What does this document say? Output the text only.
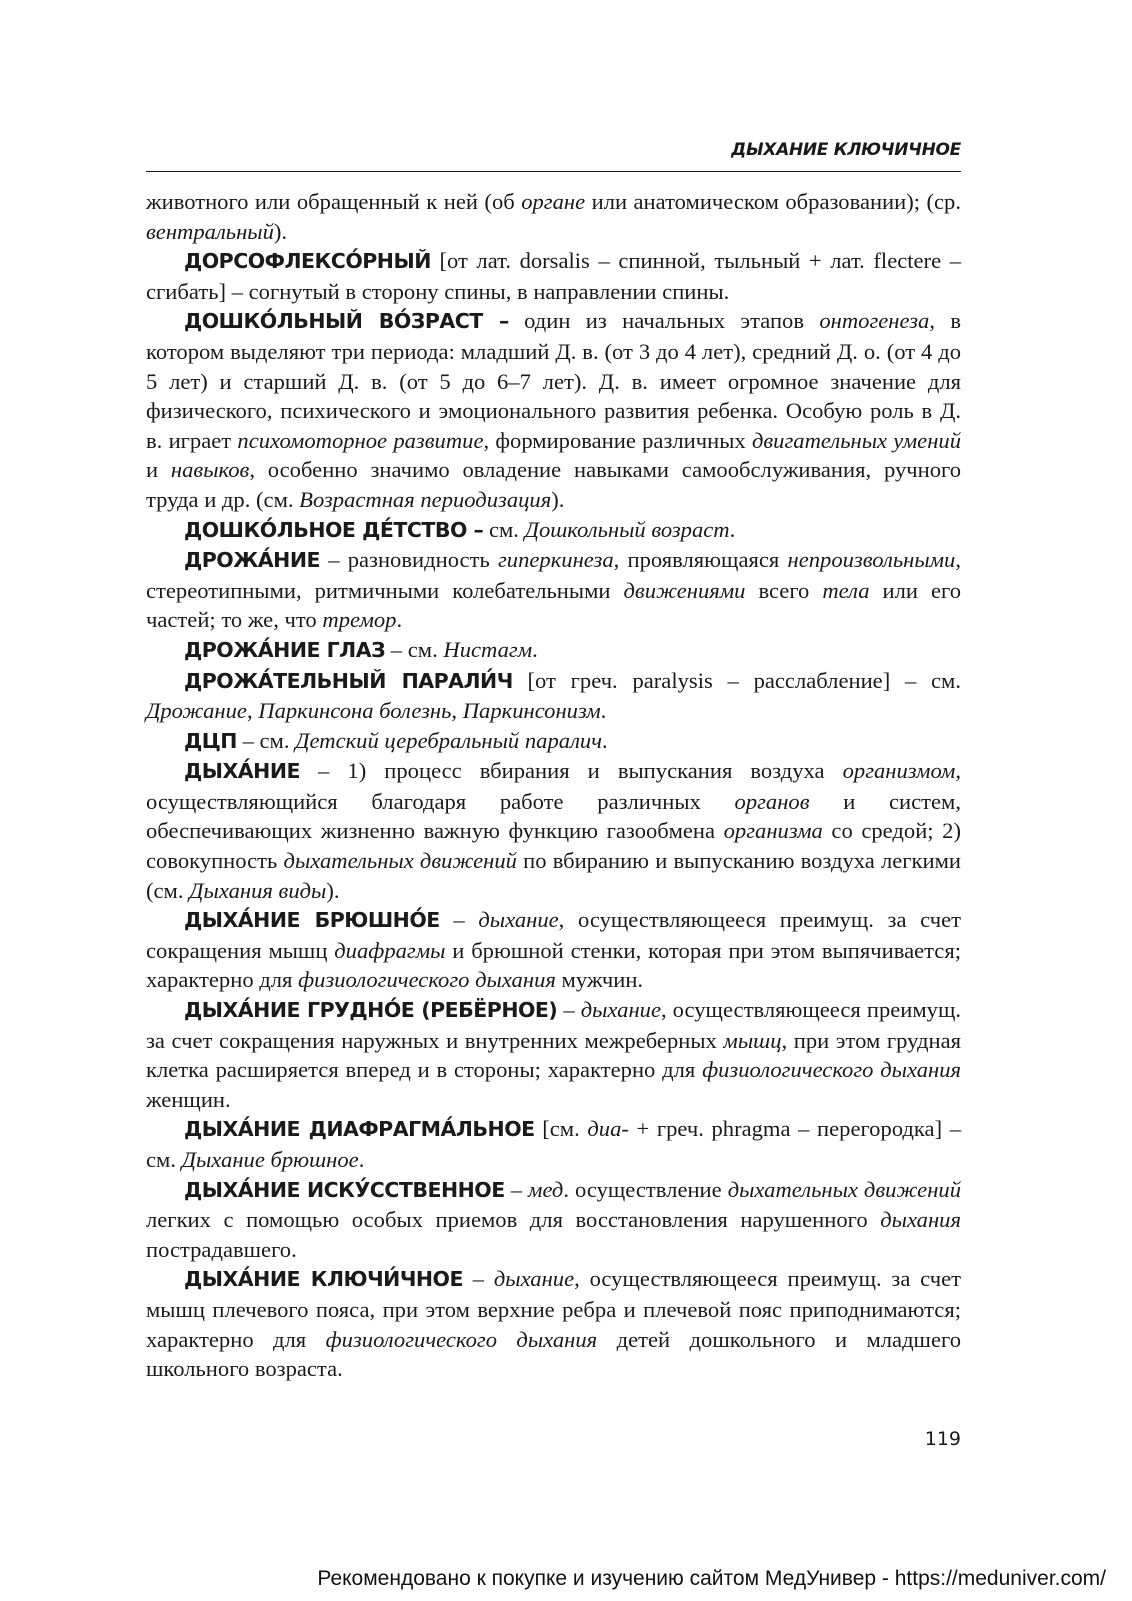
ДЫХАНИЕ КЛЮЧИЧНОЕ

животного или обращенный к ней (об органе или анатомическом образовании); (ср. вентральный).

ДОРСОФЛЕКСО́РНЫЙ [от лат. dorsalis – спинной, тыльный + лат. flectere – сгибать] – согнутый в сторону спины, в направлении спины.

ДОШКО́ЛЬНЫЙ ВО́ЗРАСТ – один из начальных этапов онтогенеза, в котором выделяют три периода: младший Д. в. (от 3 до 4 лет), средний Д. о. (от 4 до 5 лет) и старший Д. в. (от 5 до 6–7 лет). Д. в. имеет огромное значение для физического, психического и эмоционального развития ребенка. Особую роль в Д. в. играет психомоторное развитие, формирование различных двигательных умений и навыков, особенно значимо овладение навыками самообслуживания, ручного труда и др. (см. Возрастная периодизация).

ДОШКО́ЛЬНОЕ ДЕ́ТСТВО – см. Дошкольный возраст.

ДРОЖА́НИЕ – разновидность гиперкинеза, проявляющаяся непроизвольными, стереотипными, ритмичными колебательными движениями всего тела или его частей; то же, что тремор.

ДРОЖА́НИЕ ГЛАЗ – см. Нистагм.

ДРОЖА́ТЕЛЬНЫЙ ПАРАЛИ́Ч [от греч. paralysis – расслабление] – см. Дрожание, Паркинсона болезнь, Паркинсонизм.

ДЦП – см. Детский церебральный паралич.

ДЫХА́НИЕ – 1) процесс вбирания и выпускания воздуха организмом, осуществляющийся благодаря работе различных органов и систем, обеспечивающих жизненно важную функцию газообмена организма со средой; 2) совокупность дыхательных движений по вбиранию и выпусканию воздуха легкими (см. Дыхания виды).

ДЫХА́НИЕ БРЮШНО́Е – дыхание, осуществляющееся преимущ. за счет сокращения мышц диафрагмы и брюшной стенки, которая при этом выпячивается; характерно для физиологического дыхания мужчин.

ДЫХА́НИЕ ГРУДНО́Е (РЕБЁРНОЕ) – дыхание, осуществляющееся преимущ. за счет сокращения наружных и внутренних межреберных мышц, при этом грудная клетка расширяется вперед и в стороны; характерно для физиологического дыхания женщин.

ДЫХА́НИЕ ДИАФРАГМА́ЛЬНОЕ [см. диа- + греч. phragma – перегородка] – см. Дыхание брюшное.

ДЫХА́НИЕ ИСКУ́ССТВЕННОЕ – мед. осуществление дыхательных движений легких с помощью особых приемов для восстановления нарушенного дыхания пострадавшего.

ДЫХА́НИЕ КЛЮЧИ́ЧНОЕ – дыхание, осуществляющееся преимущ. за счет мышц плечевого пояса, при этом верхние ребра и плечевой пояс приподнимаются; характерно для физиологического дыхания детей дошкольного и младшего школьного возраста.

119
Рекомендовано к покупке и изучению сайтом МедУнивер - https://meduniver.com/
